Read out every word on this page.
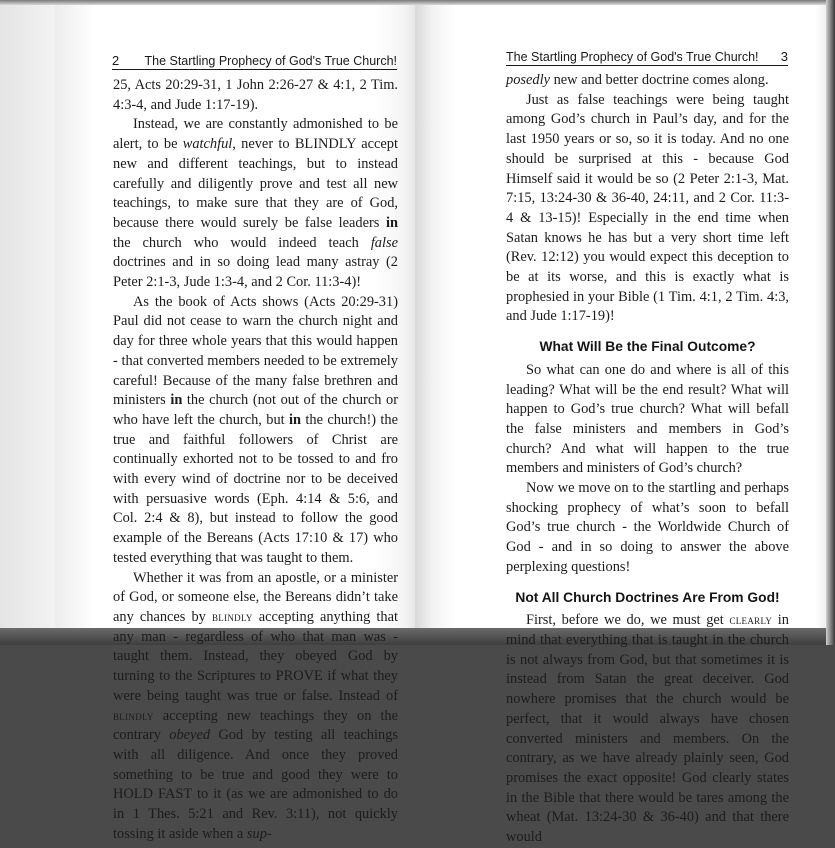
2 The Startling Prophecy of God's True Church!

25, Acts 20:29-31, 1 John 2:26-27 & 4:1, 2 Tim. 4:3-4, and Jude 1:17-19).

Instead, we are constantly admonished to be alert, to be watchful, never to BLINDLY accept new and different teachings, but to instead carefully and diligently prove and test all new teachings, to make sure that they are of God, because there would surely be false leaders in the church who would indeed teach false doctrines and in so doing lead many astray (2 Peter 2:1-3, Jude 1:3-4, and 2 Cor. 11:3-4)!

As the book of Acts shows (Acts 20:29-31) Paul did not cease to warn the church night and day for three whole years that this would happen - that converted members needed to be extremely careful! Because of the many false brethren and ministers in the church (not out of the church or who have left the church, but in the church!) the true and faithful followers of Christ are continually exhorted not to be tossed to and fro with every wind of doctrine nor to be deceived with persuasive words (Eph. 4:14 & 5:6, and Col. 2:4 & 8), but instead to follow the good example of the Bereans (Acts 17:10 & 17) who tested everything that was taught to them.

Whether it was from an apostle, or a minister of God, or someone else, the Bereans didn’t take any chances by blindly accepting anything that any man - regardless of who that man was - taught them. Instead, they obeyed God by turning to the Scriptures to PROVE if what they were being taught was true or false. Instead of blindly accepting new teachings they on the contrary obeyed God by testing all teachings with all diligence. And once they proved something to be true and good they were to HOLD FAST to it (as we are admonished to do in 1 Thes. 5:21 and Rev. 3:11), not quickly tossing it aside when a sup-

The Startling Prophecy of God's True Church! 3

posedly new and better doctrine comes along.

Just as false teachings were being taught among God’s church in Paul’s day, and for the last 1950 years or so, so it is today. And no one should be surprised at this - because God Himself said it would be so (2 Peter 2:1-3, Mat. 7:15, 13:24-30 & 36-40, 24:11, and 2 Cor. 11:3-4 & 13-15)! Especially in the end time when Satan knows he has but a very short time left (Rev. 12:12) you would expect this deception to be at its worse, and this is exactly what is prophesied in your Bible (1 Tim. 4:1, 2 Tim. 4:3, and Jude 1:17-19)!

What Will Be the Final Outcome?

So what can one do and where is all of this leading? What will be the end result? What will happen to God’s true church? What will befall the false ministers and members in God’s church? And what will happen to the true members and ministers of God’s church?

Now we move on to the startling and perhaps shocking prophecy of what’s soon to befall God’s true church - the Worldwide Church of God - and in so doing to answer the above perplexing questions!

Not All Church Doctrines Are From God!

First, before we do, we must get clearly in mind that everything that is taught in the church is not always from God, but that sometimes it is instead from Satan the great deceiver. God nowhere promises that the church would be perfect, that it would always have chosen converted ministers and members. On the contrary, as we have already plainly seen, God promises the exact opposite! God clearly states in the Bible that there would be tares among the wheat (Mat. 13:24-30 & 36-40) and that there would
